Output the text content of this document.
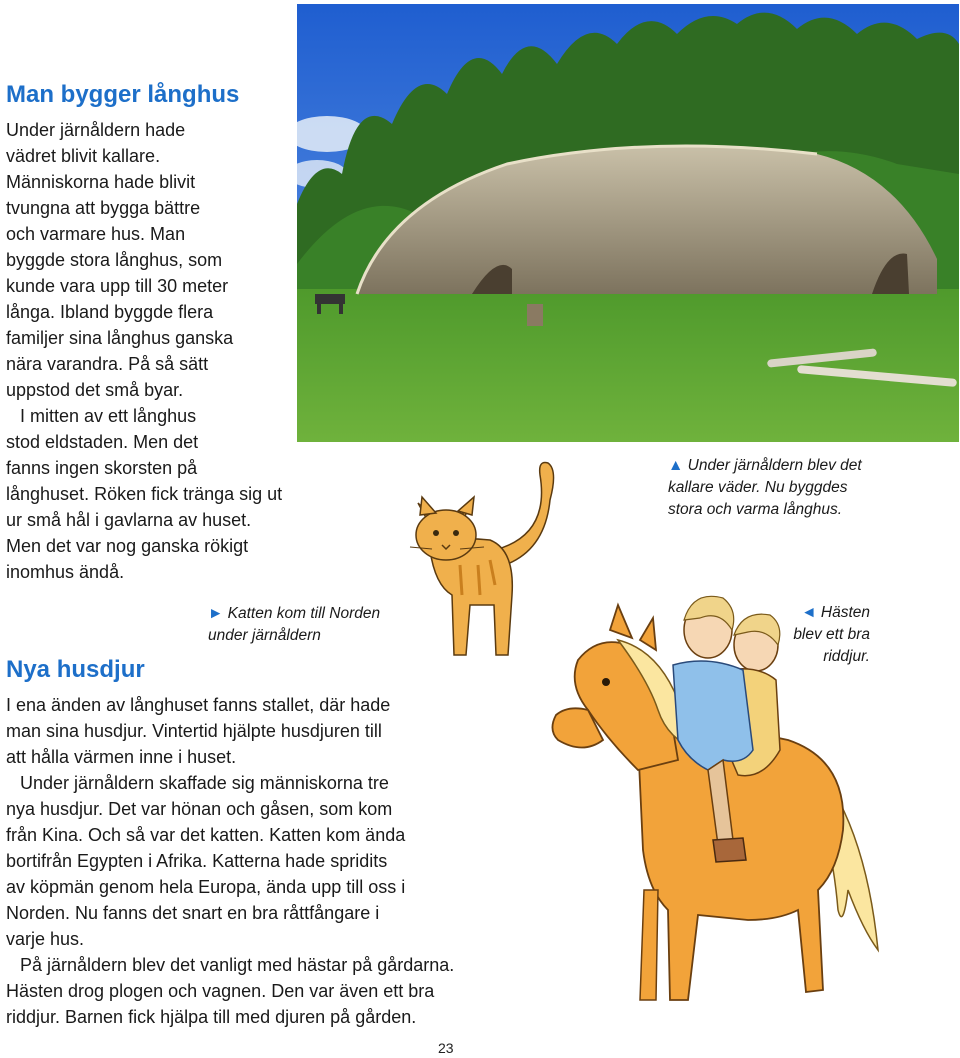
Man bygger långhus
Under järnåldern hade
vädret blivit kallare.
Människorna hade blivit
tvungna att bygga bättre
och varmare hus. Man
byggde stora långhus, som
kunde vara upp till 30 meter
långa. Ibland byggde flera
familjer sina långhus ganska
nära varandra. På så sätt
uppstod det små byar.
I mitten av ett långhus
stod eldstaden. Men det
fanns ingen skorsten på
långhuset. Röken fick tränga sig ut
ur små hål i gavlarna av huset.
Men det var nog ganska rökigt
inomhus ändå.
▲ Under järnåldern blev det
kallare väder. Nu byggdes
stora och varma långhus.
► Katten kom till Norden
under järnåldern
◄ Hästen
blev ett bra
riddjur.
Nya husdjur
I ena änden av långhuset fanns stallet, där hade
man sina husdjur. Vintertid hjälpte husdjuren till
att hålla värmen inne i huset.
Under järnåldern skaffade sig människorna tre
nya husdjur. Det var hönan och gåsen, som kom
från Kina. Och så var det katten. Katten kom ända
bortifrån Egypten i Afrika. Katterna hade spridits
av köpmän genom hela Europa, ända upp till oss i
Norden. Nu fanns det snart en bra råttfångare i
varje hus.
På järnåldern blev det vanligt med hästar på gårdarna.
Hästen drog plogen och vagnen. Den var även ett bra
riddjur. Barnen fick hjälpa till med djuren på gården.
23
